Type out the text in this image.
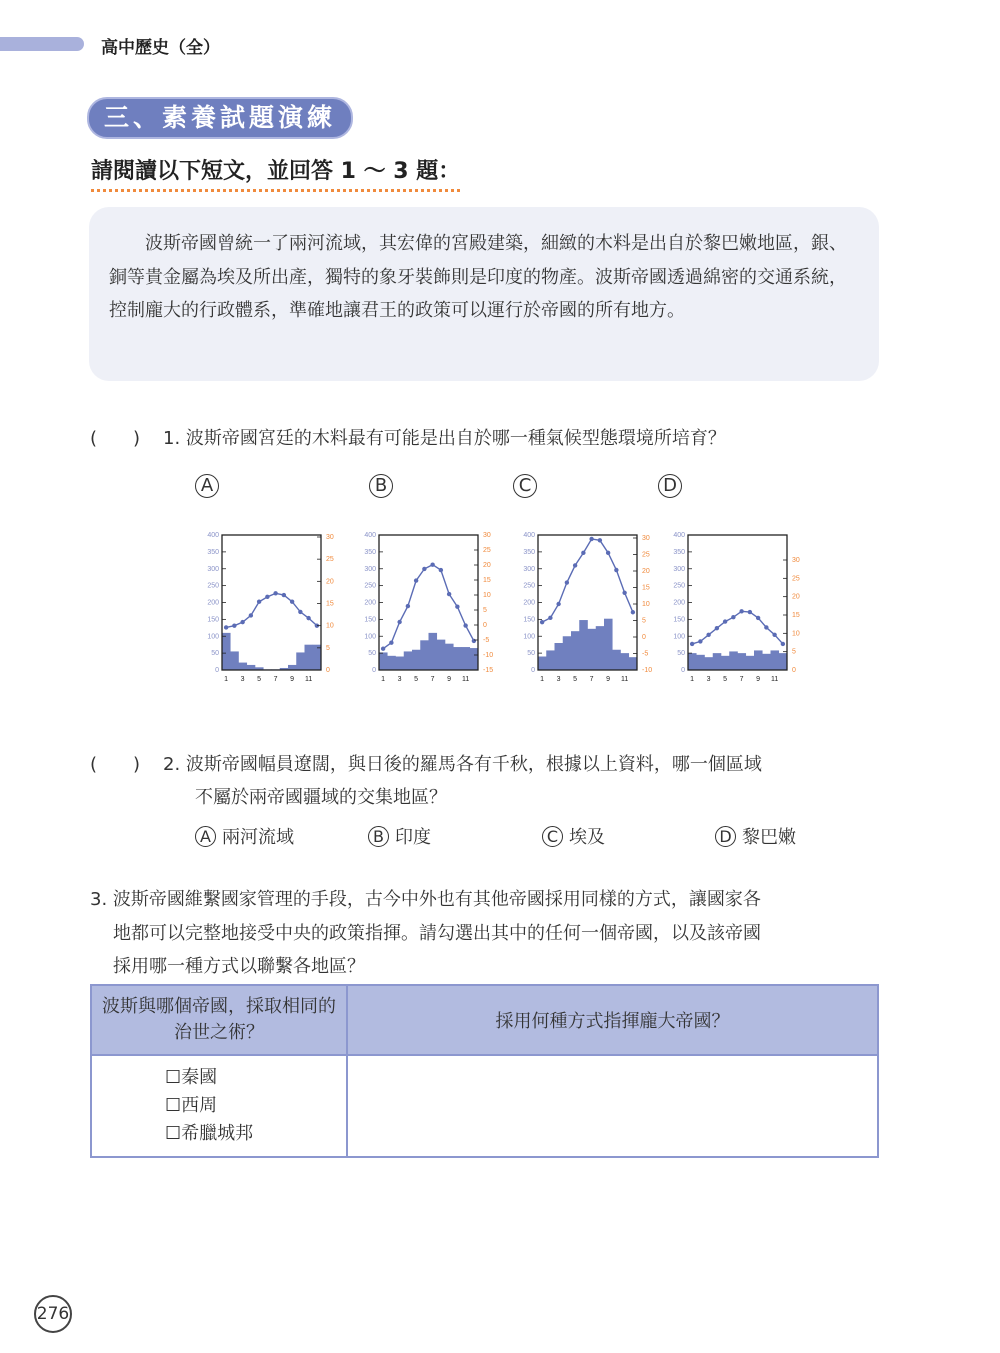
高中歷史（全）
三、素養試題演練
請閱讀以下短文，並回答 1 ～ 3 題：

波斯帝國曾統一了兩河流域，其宏偉的宮殿建築，細緻的木料是出自於黎巴嫩地區，銀、銅等貴金屬為埃及所出產，獨特的象牙裝飾則是印度的物產。波斯帝國透過綿密的交通系統，控制龐大的行政體系，準確地讓君王的政策可以運行於帝國的所有地方。

(　　) 1. 波斯帝國宮廷的木料最有可能是出自於哪一種氣候型態環境所培育？
A	B	C	D
400
350
300
250
200
150
100
50
0
30
25
20
15
10
5
0
1 3 5 7 9 11
400
350
300
250
200
150
100
50
0
30
25
20
15
10
5
0
-5
-10
-15
1 3 5 7 9 11
400
350
300
250
200
150
100
50
0
30
25
20
15
10
5
0
-5
-10
1 3 5 7 9 11
400
350
300
250
200
150
100
50
0
30
25
20
15
10
5
0
1 3 5 7 9 11
(　　) 2. 波斯帝國幅員遼闊，與日後的羅馬各有千秋，根據以上資料，哪一個區域
不屬於兩帝國疆域的交集地區？
A 兩河流域	B 印度	C 埃及	D 黎巴嫩
3. 波斯帝國維繫國家管理的手段，古今中外也有其他帝國採用同樣的方式，讓國家各
地都可以完整地接受中央的政策指揮。請勾選出其中的任何一個帝國，以及該帝國
採用哪一種方式以聯繫各地區？
波斯與哪個帝國，採取相同的治世之術？	採用何種方式指揮龐大帝國？

☐秦國
☐西周
☐希臘城邦	

276
